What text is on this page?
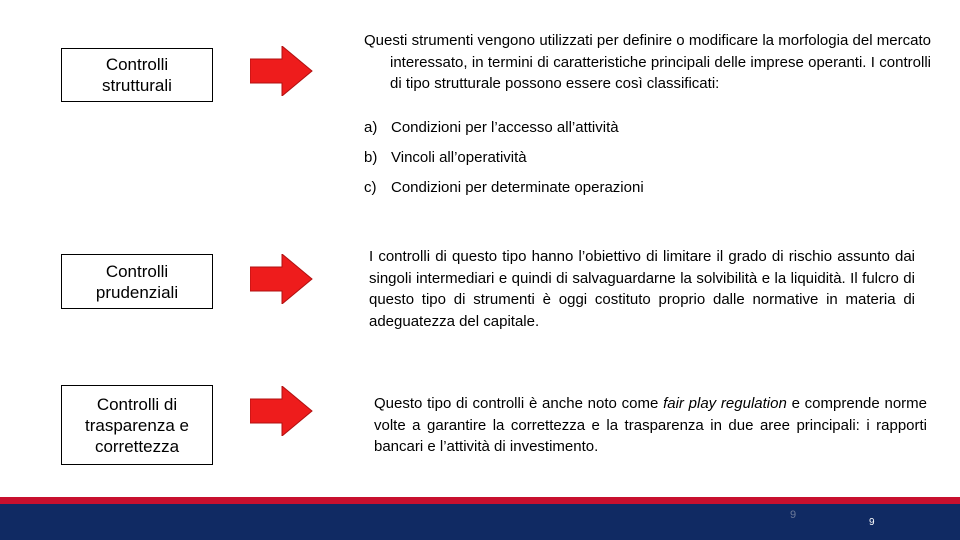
Controlli
strutturali

Questi strumenti vengono utilizzati per definire o modificare la morfologia del mercato interessato, in termini di caratteristiche principali delle imprese operanti. I controlli di tipo strutturale possono essere così classificati:

a) Condizioni per l’accesso all’attività
b) Vincoli all’operatività
c) Condizioni per determinate operazioni
Controlli
prudenziali

I controlli di questo tipo hanno l’obiettivo di limitare il grado di rischio assunto dai singoli intermediari e quindi di salvaguardarne la solvibilità e la liquidità. Il fulcro di questo tipo di strumenti è oggi costituto proprio dalle normative in materia di adeguatezza del capitale.

Controlli di
trasparenza e
correttezza

Questo tipo di controlli è anche noto come fair play regulation e comprende norme volte a garantire la correttezza e la trasparenza in due aree principali: i rapporti bancari e l’attività di investimento.

9
9
